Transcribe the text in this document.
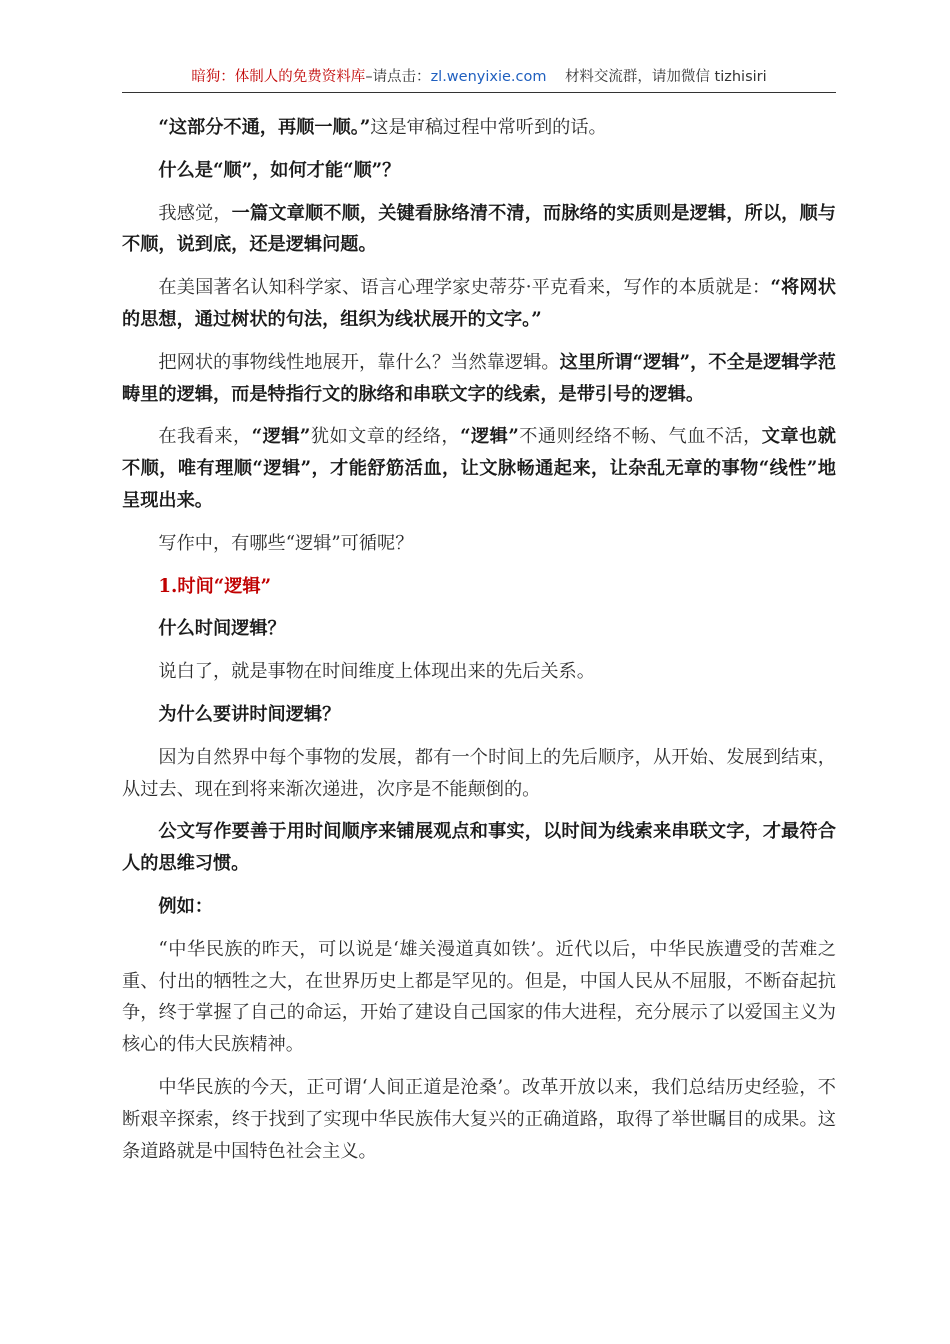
暗狗：体制人的免费资料库–请点击：zl.wenyixie.com 材料交流群，请加微信 tizhisiri

“这部分不通，再顺一顺。”这是审稿过程中常听到的话。

什么是“顺”，如何才能“顺”？

我感觉，一篇文章顺不顺，关键看脉络清不清，而脉络的实质则是逻辑，所以，顺与不顺，说到底，还是逻辑问题。

在美国著名认知科学家、语言心理学家史蒂芬·平克看来，写作的本质就是：“将网状的思想，通过树状的句法，组织为线状展开的文字。”

把网状的事物线性地展开，靠什么？当然靠逻辑。这里所谓“逻辑”，不全是逻辑学范畴里的逻辑，而是特指行文的脉络和串联文字的线索，是带引号的逻辑。

在我看来，“逻辑”犹如文章的经络，“逻辑”不通则经络不畅、气血不活，文章也就不顺，唯有理顺“逻辑”，才能舒筋活血，让文脉畅通起来，让杂乱无章的事物“线性”地呈现出来。

写作中，有哪些“逻辑”可循呢？

1.时间“逻辑”

什么时间逻辑？

说白了，就是事物在时间维度上体现出来的先后关系。

为什么要讲时间逻辑？

因为自然界中每个事物的发展，都有一个时间上的先后顺序，从开始、发展到结束，从过去、现在到将来渐次递进，次序是不能颠倒的。

公文写作要善于用时间顺序来铺展观点和事实，以时间为线索来串联文字，才最符合人的思维习惯。

例如：

“中华民族的昨天，可以说是‘雄关漫道真如铁’。近代以后，中华民族遭受的苦难之重、付出的牺牲之大，在世界历史上都是罕见的。但是，中国人民从不屈服，不断奋起抗争，终于掌握了自己的命运，开始了建设自己国家的伟大进程，充分展示了以爱国主义为核心的伟大民族精神。

中华民族的今天，正可谓‘人间正道是沧桑’。改革开放以来，我们总结历史经验，不断艰辛探索，终于找到了实现中华民族伟大复兴的正确道路，取得了举世瞩目的成果。这条道路就是中国特色社会主义。
